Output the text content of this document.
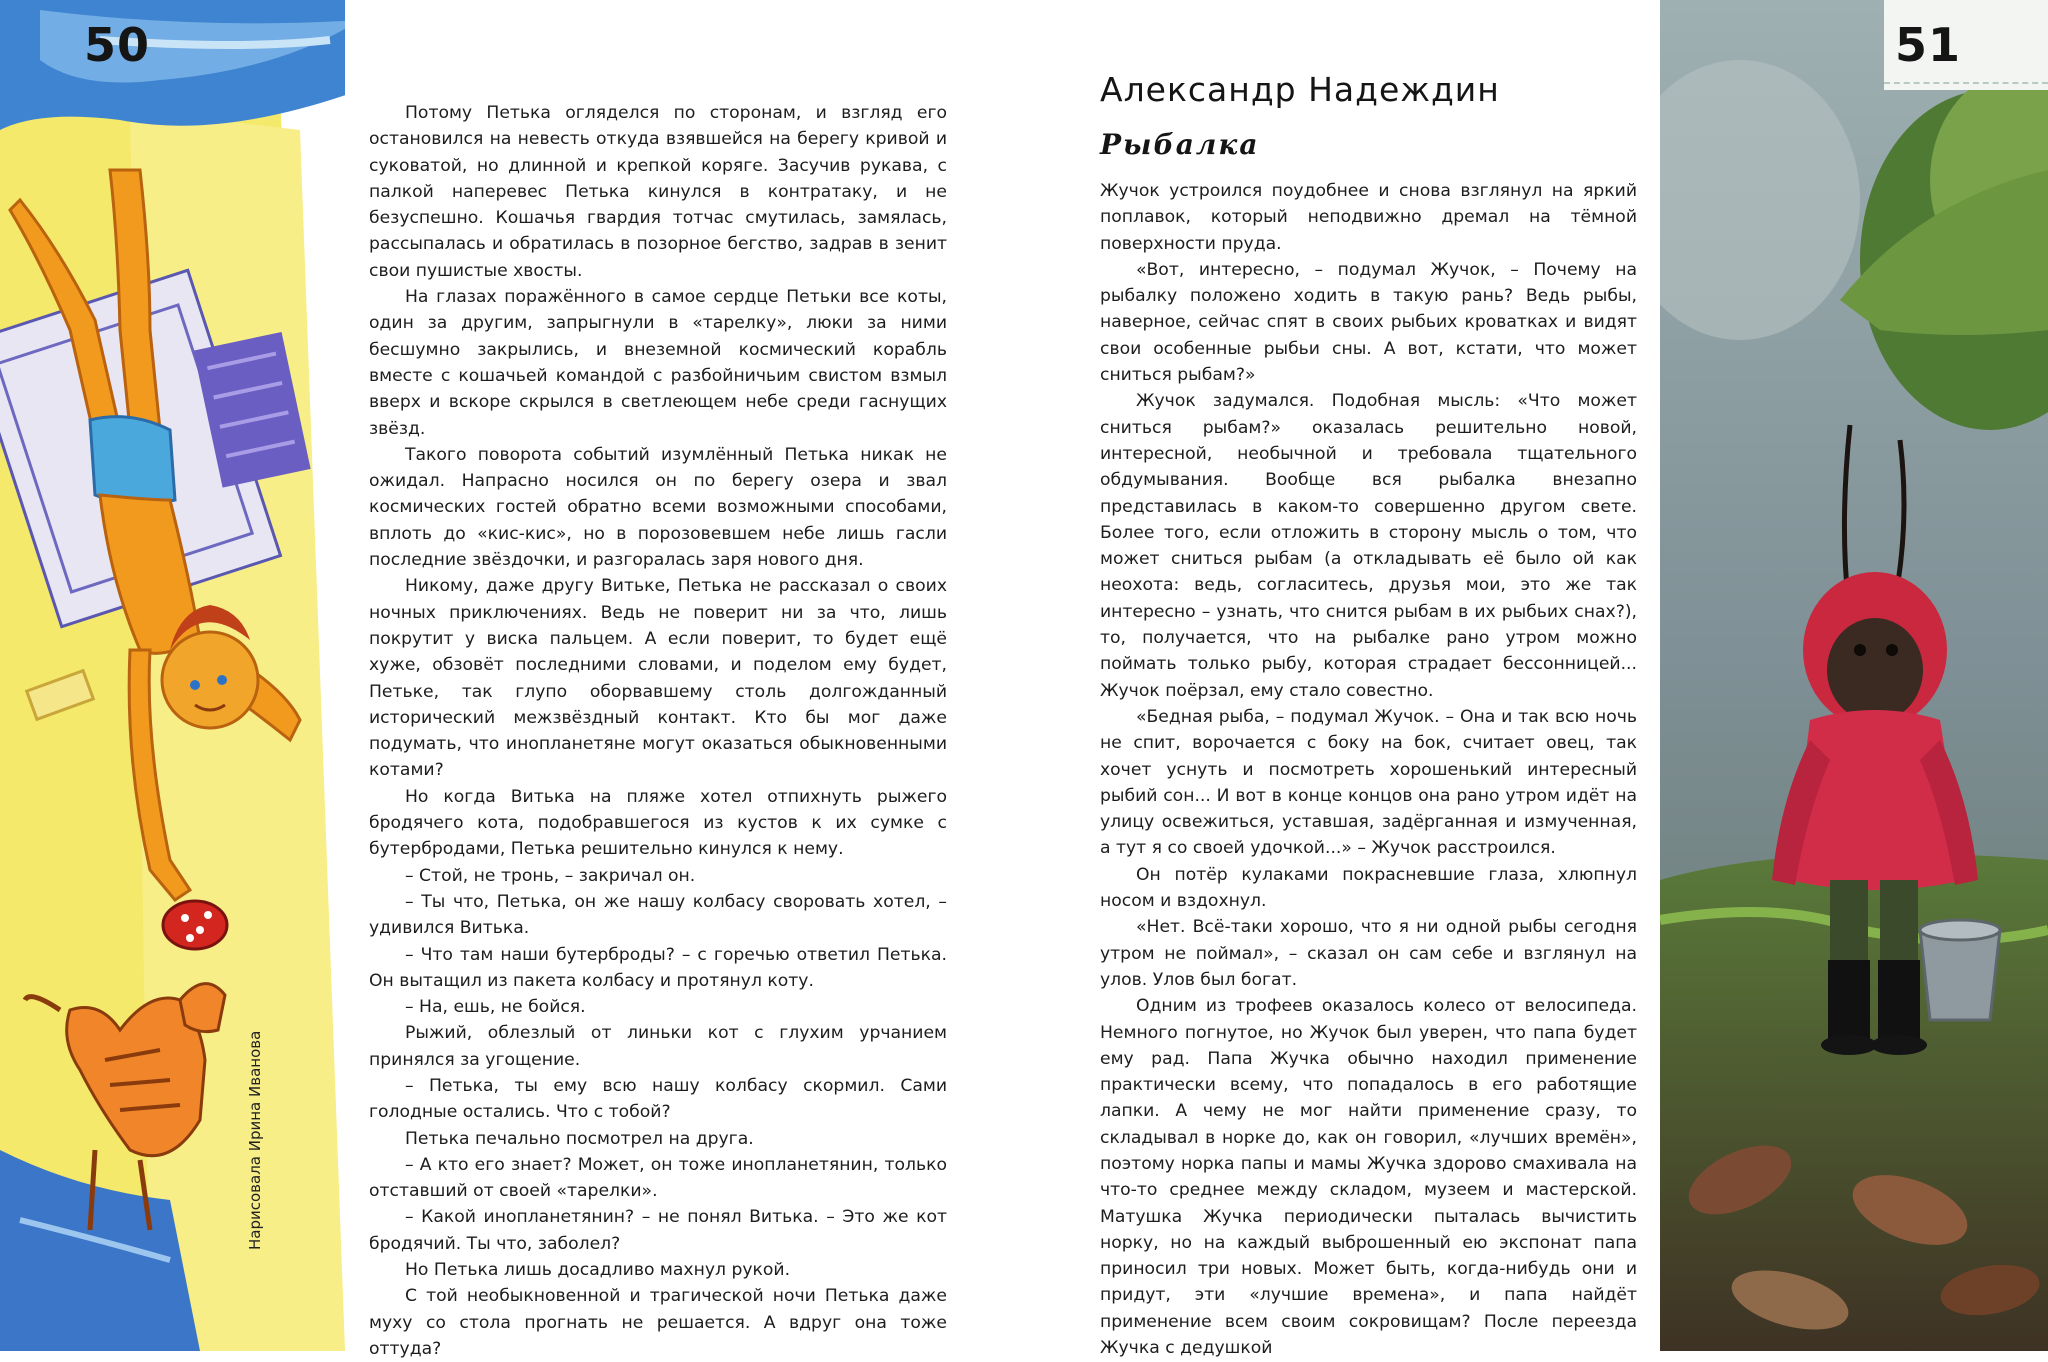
Нарисовала Ирина Иванова
50

Потому Петька огляделся по сторонам, и взгляд его остановился на невесть откуда взявшейся на берегу кривой и суковатой, но длинной и крепкой коряге. Засучив рукава, с палкой наперевес Петька кинулся в контратаку, и не безуспешно. Кошачья гвардия тотчас смутилась, замялась, рассыпалась и обратилась в позорное бегство, задрав в зенит свои пушистые хвосты.

На глазах поражённого в самое сердце Петьки все коты, один за другим, запрыгнули в «тарелку», люки за ними бесшумно закрылись, и внеземной космический корабль вместе с кошачьей командой с разбойничьим свистом взмыл вверх и вскоре скрылся в светлеющем небе среди гаснущих звёзд.

Такого поворота событий изумлённый Петька никак не ожидал. Напрасно носился он по берегу озера и звал космических гостей обратно всеми возможными способами, вплоть до «кис-кис», но в порозовевшем небе лишь гасли последние звёздочки, и разгоралась заря нового дня.

Никому, даже другу Витьке, Петька не рассказал о своих ночных приключениях. Ведь не поверит ни за что, лишь покрутит у виска пальцем. А если поверит, то будет ещё хуже, обзовёт последними словами, и поделом ему будет, Петьке, так глупо оборвавшему столь долгожданный исторический межзвёздный контакт. Кто бы мог даже подумать, что инопланетяне могут оказаться обыкновенными котами?

Но когда Витька на пляже хотел отпихнуть рыжего бродячего кота, подобравшегося из кустов к их сумке с бутербродами, Петька решительно кинулся к нему.

– Стой, не тронь, – закричал он.

– Ты что, Петька, он же нашу колбасу своровать хотел, – удивился Витька.

– Что там наши бутерброды? – с горечью ответил Петька. Он вытащил из пакета колбасу и протянул коту.

– На, ешь, не бойся.

Рыжий, облезлый от линьки кот с глухим урчанием принялся за угощение.

– Петька, ты ему всю нашу колбасу скормил. Сами голодные остались. Что с тобой?

Петька печально посмотрел на друга.

– А кто его знает? Может, он тоже инопланетянин, только отставший от своей «тарелки».

– Какой инопланетянин? – не понял Витька. – Это же кот бродячий. Ты что, заболел?

Но Петька лишь досадливо махнул рукой.

С той необыкновенной и трагической ночи Петька даже муху со стола прогнать не решается. А вдруг она тоже оттуда?

Александр Надеждин
Рыбалка

Жучок устроился поудобнее и снова взглянул на яркий поплавок, который неподвижно дремал на тёмной поверхности пруда.

«Вот, интересно, – подумал Жучок, – Почему на рыбалку положено ходить в такую рань? Ведь рыбы, наверное, сейчас спят в своих рыбьих кроватках и видят свои особенные рыбьи сны. А вот, кстати, что может сниться рыбам?»

Жучок задумался. Подобная мысль: «Что может сниться рыбам?» оказалась решительно новой, интересной, необычной и требовала тщательного обдумывания. Вообще вся рыбалка внезапно представилась в каком-то совершенно другом свете. Более того, если отложить в сторону мысль о том, что может сниться рыбам (а откладывать её было ой как неохота: ведь, согласитесь, друзья мои, это же так интересно – узнать, что снится рыбам в их рыбьих снах?), то, получается, что на рыбалке рано утром можно поймать только рыбу, которая страдает бессонницей... Жучок поёрзал, ему стало совестно.

«Бедная рыба, – подумал Жучок. – Она и так всю ночь не спит, ворочается с боку на бок, считает овец, так хочет уснуть и посмотреть хорошенький интересный рыбий сон... И вот в конце концов она рано утром идёт на улицу освежиться, уставшая, задёрганная и измученная, а тут я со своей удочкой...» – Жучок расстроился.

Он потёр кулаками покрасневшие глаза, хлюпнул носом и вздохнул.

«Нет. Всё-таки хорошо, что я ни одной рыбы сегодня утром не поймал», – сказал он сам себе и взглянул на улов. Улов был богат.

Одним из трофеев оказалось колесо от велосипеда. Немного погнутое, но Жучок был уверен, что папа будет ему рад. Папа Жучка обычно находил применение практически всему, что попадалось в его работящие лапки. А чему не мог найти применение сразу, то складывал в норке до, как он говорил, «лучших времён», поэтому норка папы и мамы Жучка здорово смахивала на что-то среднее между складом, музеем и мастерской. Матушка Жучка периодически пыталась вычистить норку, но на каждый выброшенный ею экспонат папа приносил три новых. Может быть, когда-нибудь они и придут, эти «лучшие времена», и папа найдёт применение всем своим сокровищам? После переезда Жучка с дедушкой

51
